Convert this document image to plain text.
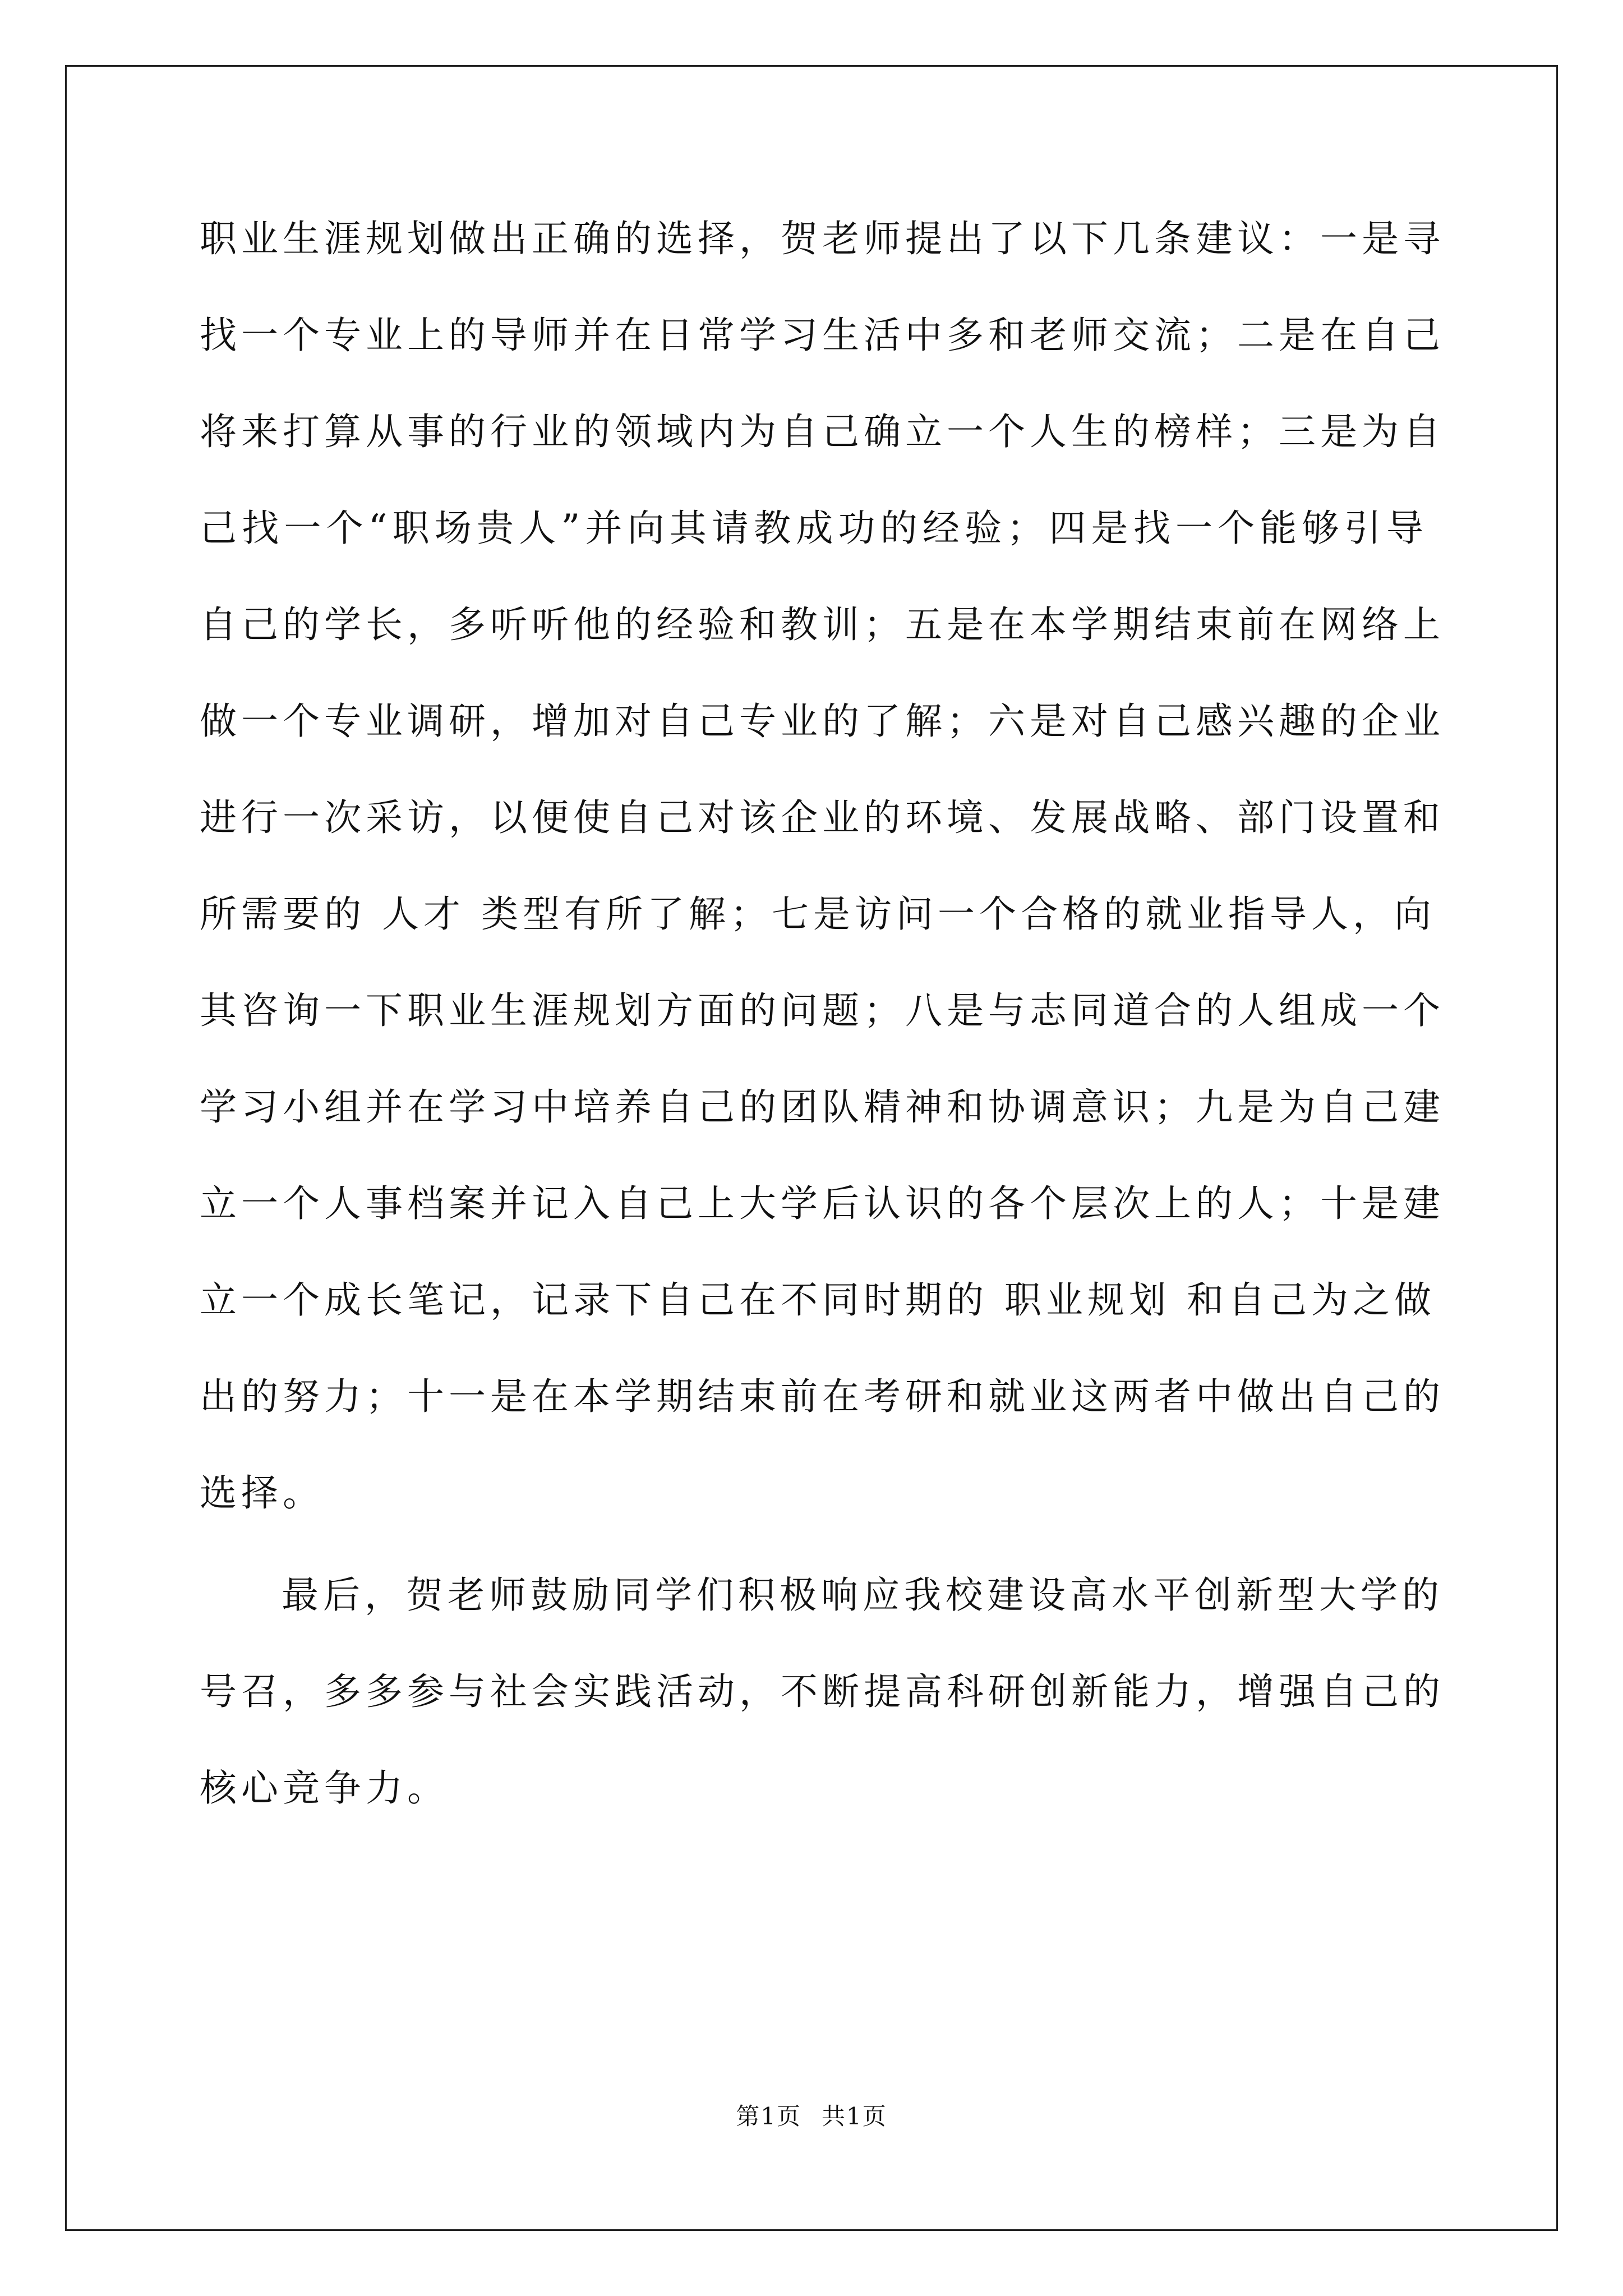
职业生涯规划做出正确的选择，贺老师提出了以下几条建议：一是寻
找一个专业上的导师并在日常学习生活中多和老师交流；二是在自己
将来打算从事的行业的领域内为自己确立一个人生的榜样；三是为自
己找一个“职场贵人”并向其请教成功的经验；四是找一个能够引导
自己的学长，多听听他的经验和教训；五是在本学期结束前在网络上
做一个专业调研，增加对自己专业的了解；六是对自己感兴趣的企业
进行一次采访，以便使自己对该企业的环境、发展战略、部门设置和
所需要的 人才 类型有所了解；七是访问一个合格的就业指导人，向
其咨询一下职业生涯规划方面的问题；八是与志同道合的人组成一个
学习小组并在学习中培养自己的团队精神和协调意识；九是为自己建
立一个人事档案并记入自己上大学后认识的各个层次上的人；十是建
立一个成长笔记，记录下自己在不同时期的 职业规划 和自己为之做
出的努力；十一是在本学期结束前在考研和就业这两者中做出自己的
选择。
最后，贺老师鼓励同学们积极响应我校建设高水平创新型大学的
号召，多多参与社会实践活动，不断提高科研创新能力，增强自己的
核心竞争力。
第1页 共1页
